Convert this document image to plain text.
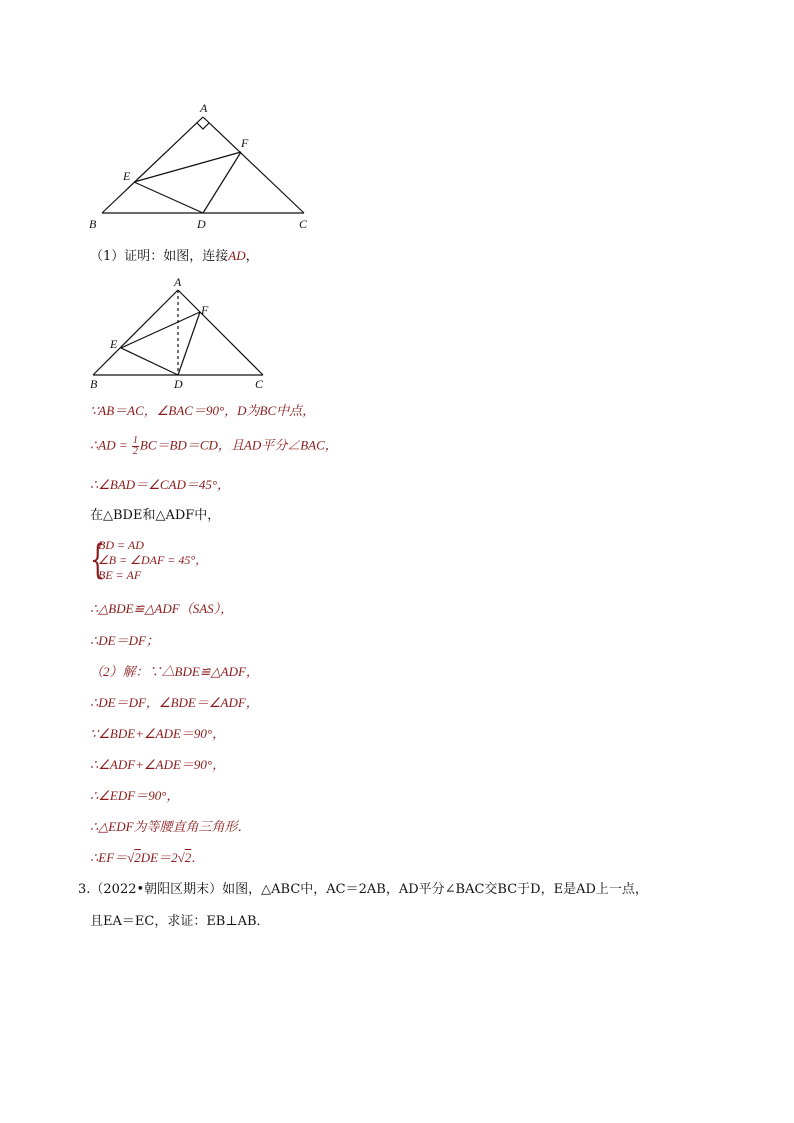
A
B	C
D
E
F
（1）证明：如图，连接AD，
A
B	C
D
E
F
∵AB＝AC，∠BAC＝90°，D为BC中点，
∴AD = $\frac{1}{2} BC=BD=CD$，且AD平分∠BAC，
∴∠BAD＝∠CAD＝45°，
在△BDE和△ADF中，
{
BD = AD
∠B = ∠DAF = 45°，
BE = AF
∴△BDE≌△ADF（SAS），
∴DE＝DF；
（2）解：∵△BDE≌△ADF，
∴DE＝DF，∠BDE＝∠ADF，
∵∠BDE+∠ADE＝90°，
∴∠ADF+∠ADE＝90°，
∴∠EDF＝90°，
∴△EDF为等腰直角三角形．
∴EF＝√2DE＝2√2．
3.（2022•朝阳区期末）如图，△ABC中，AC＝2AB，AD平分∠BAC交BC于D，E是AD上一点，
且EA＝EC，求证：EB⊥AB．
